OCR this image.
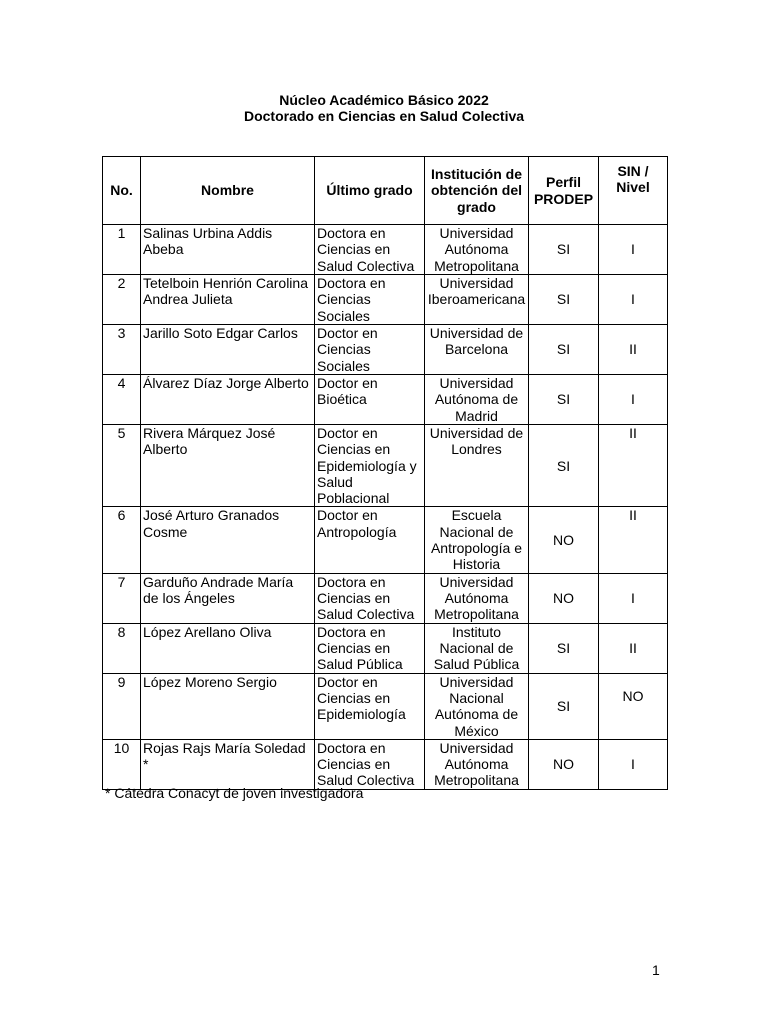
Núcleo Académico Básico 2022
Doctorado en Ciencias en Salud Colectiva
No.	Nombre	Último grado	Institución de obtención del grado	Perfil PRODEP	SIN / Nivel
1	Salinas Urbina Addis Abeba	Doctora en Ciencias en Salud Colectiva	Universidad Autónoma Metropolitana	SI	I
2	Tetelboin Henrión Carolina Andrea Julieta	Doctora en Ciencias Sociales	Universidad Iberoamericana	SI	I
3	Jarillo Soto Edgar Carlos	Doctor en Ciencias Sociales	Universidad de Barcelona	SI	II
4	Álvarez Díaz Jorge Alberto	Doctor en Bioética	Universidad Autónoma de Madrid	SI	I
5	Rivera Márquez José Alberto	Doctor en Ciencias en Epidemiología y Salud Poblacional	Universidad de Londres	SI	II
6	José Arturo Granados Cosme	Doctor en Antropología	Escuela Nacional de Antropología e Historia	NO	II
7	Garduño Andrade María de los Ángeles	Doctora en Ciencias en Salud Colectiva	Universidad Autónoma Metropolitana	NO	I
8	López Arellano Oliva	Doctora en Ciencias en Salud Pública	Instituto Nacional de Salud Pública	SI	II
9	López Moreno Sergio	Doctor en Ciencias en Epidemiología	Universidad Nacional Autónoma de México	SI	NO
10	Rojas Rajs María Soledad *	Doctora en Ciencias en Salud Colectiva	Universidad Autónoma Metropolitana	NO	I
* Cátedra Conacyt de joven investigadora
1
